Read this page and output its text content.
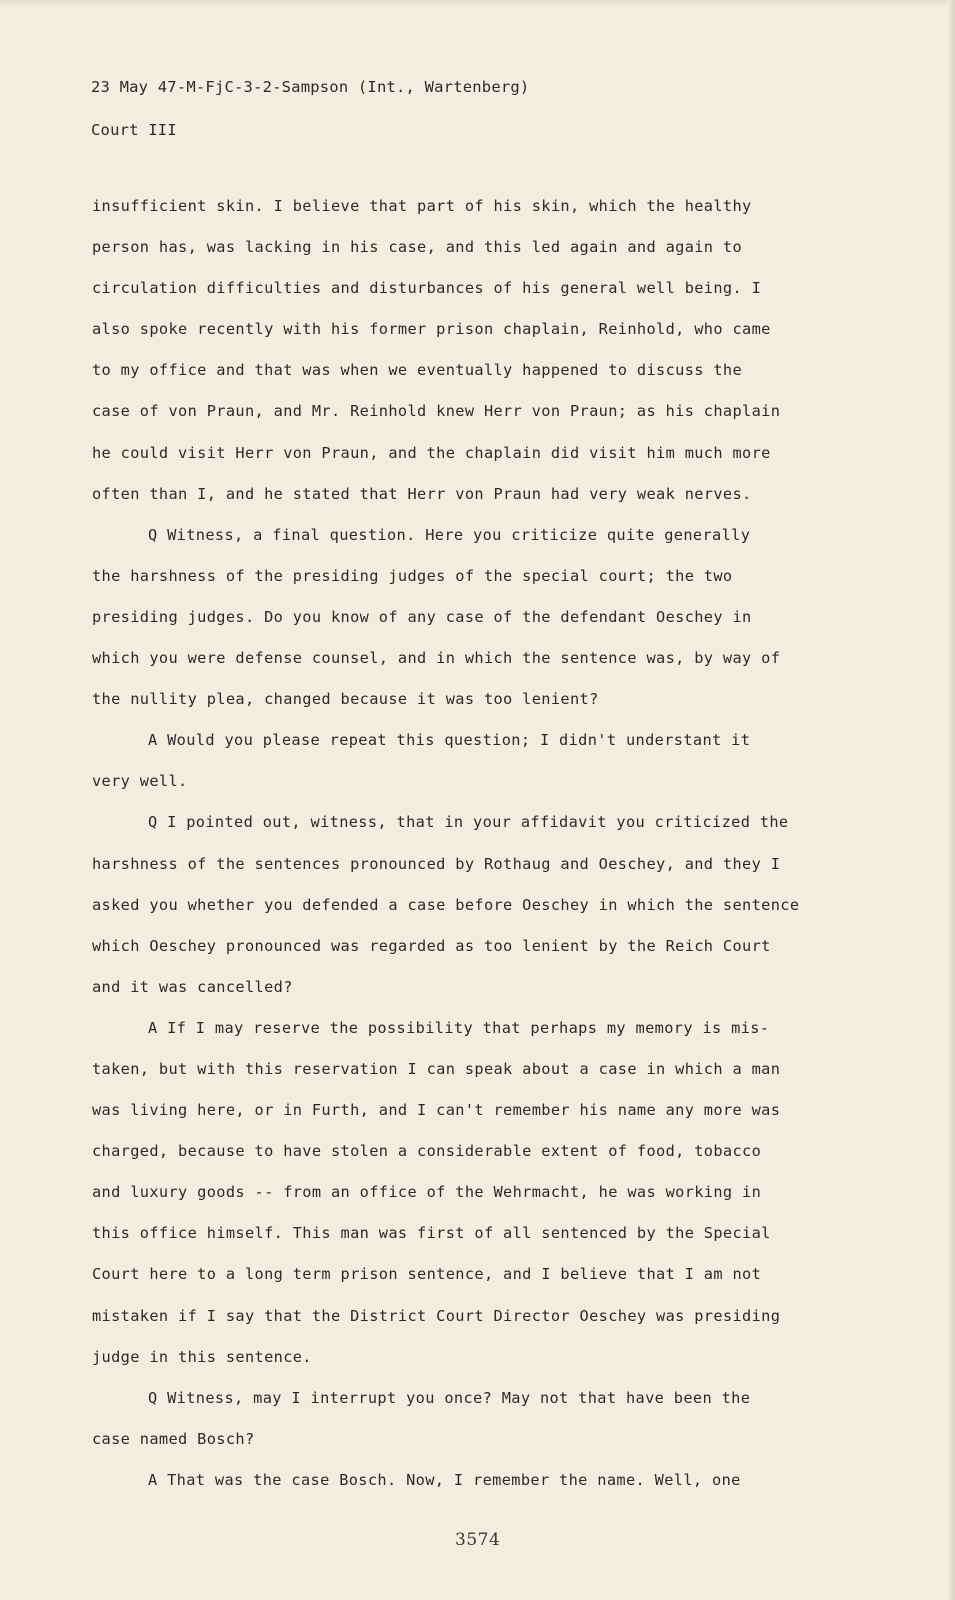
23 May 47-M-FjC-3-2-Sampson (Int., Wartenberg)
Court III
insufficient skin. I believe that part of his skin, which the healthy
person has, was lacking in his case, and this led again and again to
circulation difficulties and disturbances of his general well being. I
also spoke recently with his former prison chaplain, Reinhold, who came
to my office and that was when we eventually happened to discuss the
case of von Praun, and Mr. Reinhold knew Herr von Praun; as his chaplain
he could visit Herr von Praun, and the chaplain did visit him much more
often than I, and he stated that Herr von Praun had very weak nerves.
Q Witness, a final question. Here you criticize quite generally
the harshness of the presiding judges of the special court; the two
presiding judges. Do you know of any case of the defendant Oeschey in
which you were defense counsel, and in which the sentence was, by way of
the nullity plea, changed because it was too lenient?
A Would you please repeat this question; I didn't understant it
very well.
Q I pointed out, witness, that in your affidavit you criticized the
harshness of the sentences pronounced by Rothaug and Oeschey, and they I
asked you whether you defended a case before Oeschey in which the sentence
which Oeschey pronounced was regarded as too lenient by the Reich Court
and it was cancelled?
A If I may reserve the possibility that perhaps my memory is mis-
taken, but with this reservation I can speak about a case in which a man
was living here, or in Furth, and I can't remember his name any more was
charged, because to have stolen a considerable extent of food, tobacco
and luxury goods -- from an office of the Wehrmacht, he was working in
this office himself. This man was first of all sentenced by the Special
Court here to a long term prison sentence, and I believe that I am not
mistaken if I say that the District Court Director Oeschey was presiding
judge in this sentence.
Q Witness, may I interrupt you once? May not that have been the
case named Bosch?
A That was the case Bosch. Now, I remember the name. Well, one
3574
